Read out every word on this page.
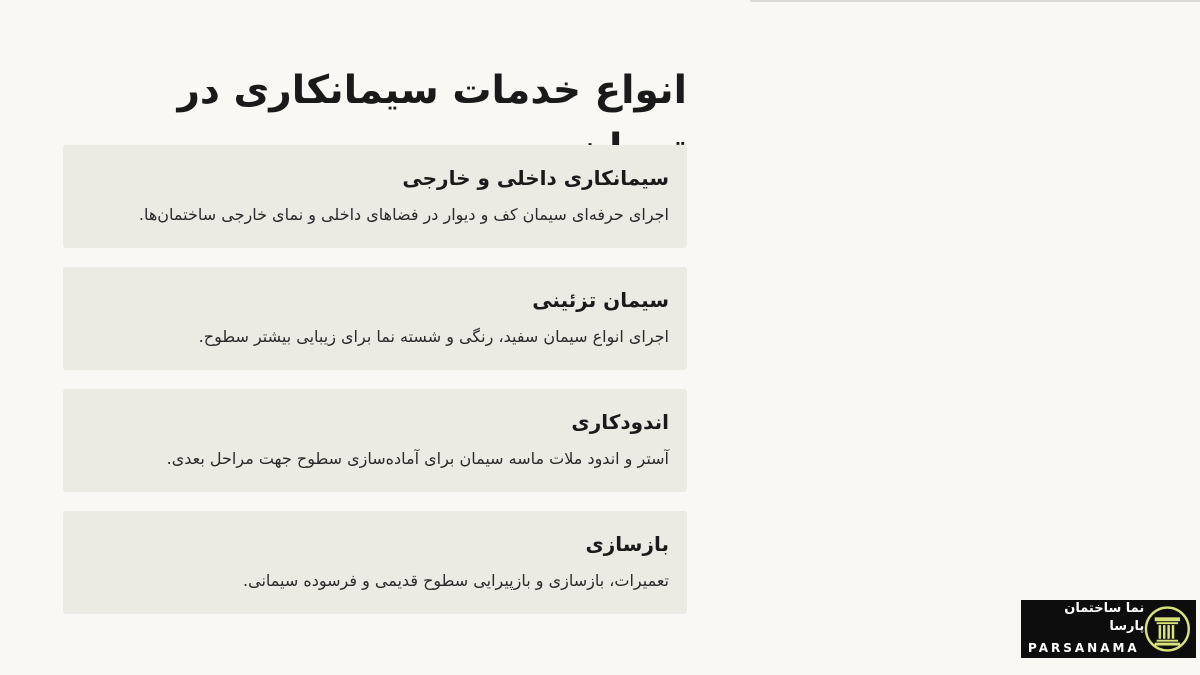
انواع خدمات سیمانکاری در
سیمانکاری داخلی و خارجی
اجرای حرفه‌ای سیمان کف و دیوار در فضاهای داخلی و نمای خارجی ساختمان‌ها.
سیمان تزئینی
اجرای انواع سیمان سفید، رنگی و شسته نما برای زیبایی بیشتر سطوح.
اندودکاری
آستر و اندود ملات ماسه سیمان برای آماده‌سازی سطوح جهت مراحل بعدی.
بازسازی
تعمیرات، بازسازی و بازپیرایی سطوح قدیمی و فرسوده سیمانی.
نما ساختمان پارسا
PARSANAMA
